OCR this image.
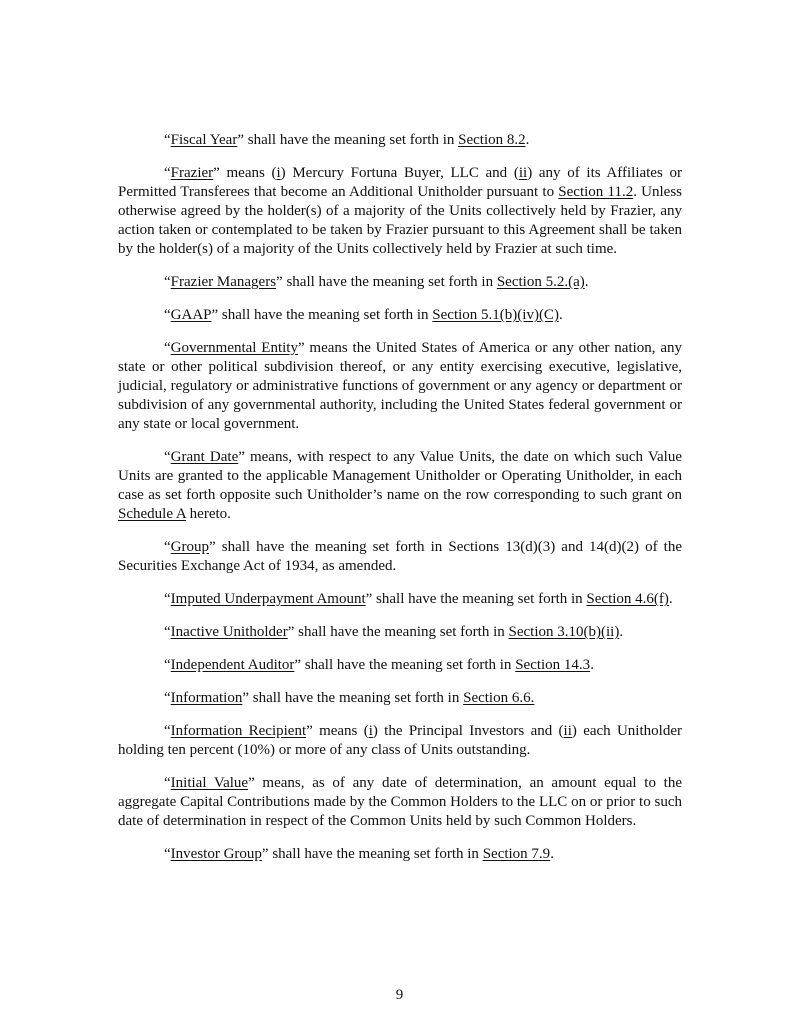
“Fiscal Year” shall have the meaning set forth in Section 8.2.

“Frazier” means (i) Mercury Fortuna Buyer, LLC and (ii) any of its Affiliates or Permitted Transferees that become an Additional Unitholder pursuant to Section 11.2. Unless otherwise agreed by the holder(s) of a majority of the Units collectively held by Frazier, any action taken or contemplated to be taken by Frazier pursuant to this Agreement shall be taken by the holder(s) of a majority of the Units collectively held by Frazier at such time.

“Frazier Managers” shall have the meaning set forth in Section 5.2.(a).

“GAAP” shall have the meaning set forth in Section 5.1(b)(iv)(C).

“Governmental Entity” means the United States of America or any other nation, any state or other political subdivision thereof, or any entity exercising executive, legislative, judicial, regulatory or administrative functions of government or any agency or department or subdivision of any governmental authority, including the United States federal government or any state or local government.

“Grant Date” means, with respect to any Value Units, the date on which such Value Units are granted to the applicable Management Unitholder or Operating Unitholder, in each case as set forth opposite such Unitholder’s name on the row corresponding to such grant on Schedule A hereto.

“Group” shall have the meaning set forth in Sections 13(d)(3) and 14(d)(2) of the Securities Exchange Act of 1934, as amended.

“Imputed Underpayment Amount” shall have the meaning set forth in Section 4.6(f).

“Inactive Unitholder” shall have the meaning set forth in Section 3.10(b)(ii).

“Independent Auditor” shall have the meaning set forth in Section 14.3.

“Information” shall have the meaning set forth in Section 6.6.

“Information Recipient” means (i) the Principal Investors and (ii) each Unitholder holding ten percent (10%) or more of any class of Units outstanding.

“Initial Value” means, as of any date of determination, an amount equal to the aggregate Capital Contributions made by the Common Holders to the LLC on or prior to such date of determination in respect of the Common Units held by such Common Holders.

“Investor Group” shall have the meaning set forth in Section 7.9.

9
